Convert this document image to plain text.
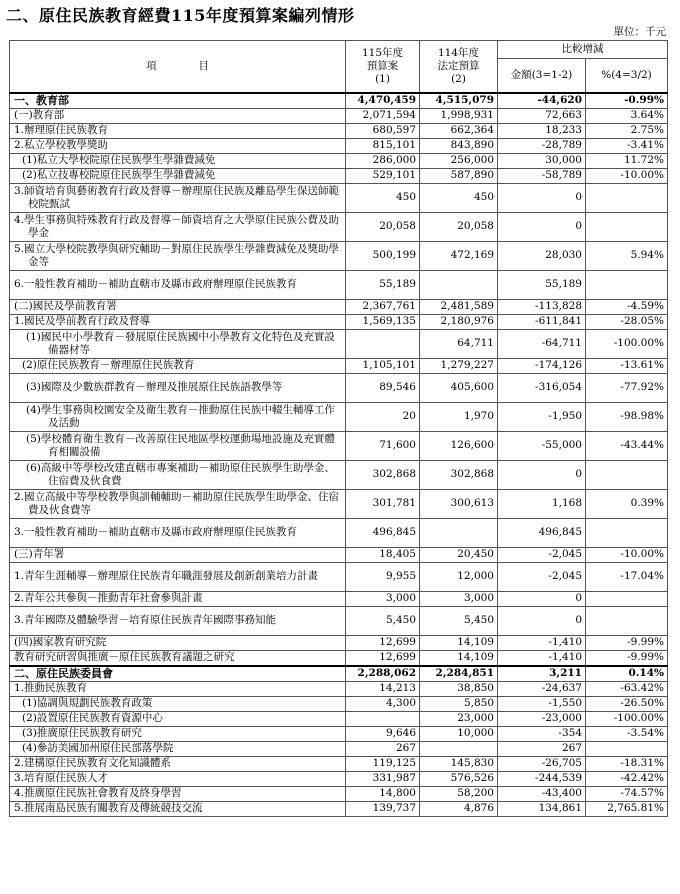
二、原住民族教育經費115年度預算案編列情形
單位：千元
項　　　　目	115年度
預算案
(1)	114年度
法定預算
(2)	比較增減	
			金額(3=1-2)	%(4=3/2)
一、教育部	4,470,459	4,515,079	-44,620	-0.99%
(一)教育部	2,071,594	1,998,931	72,663	3.64%
1.辦理原住民族教育	680,597	662,364	18,233	2.75%
2.私立學校教學獎助	815,101	843,890	-28,789	-3.41%
(1)私立大學校院原住民族學生學雜費減免	286,000	256,000	30,000	11.72%
(2)私立技專校院原住民族學生學雜費減免	529,101	587,890	-58,789	-10.00%

3.師資培育與藝術教育行政及督導－辦理原住民族及離島學生保送師範校院甄試	450	450	0	

4.學生事務與特殊教育行政及督導－師資培育之大學原住民族公費及助學金	20,058	20,058	0	

5.國立大學校院教學與研究輔助－對原住民族學生學雜費減免及獎助學金等	500,199	472,169	28,030	5.94%

6.一般性教育補助－補助直轄市及縣市政府辦理原住民族教育	55,189		55,189	
(二)國民及學前教育署	2,367,761	2,481,589	-113,828	-4.59%
1.國民及學前教育行政及督導	1,569,135	2,180,976	-611,841	-28.05%

(1)國民中小學教育－發展原住民族國中小學教育文化特色及充實設備器材等		64,711	-64,711	-100.00%
(2)原住民族教育－辦理原住民族教育	1,105,101	1,279,227	-174,126	-13.61%

(3)國際及少數族群教育－辦理及推展原住民族語教學等	89,546	405,600	-316,054	-77.92%

(4)學生事務與校園安全及衛生教育－推動原住民族中輟生輔導工作及活動	20	1,970	-1,950	-98.98%

(5)學校體育衛生教育－改善原住民地區學校運動場地設施及充實體育相關設備	71,600	126,600	-55,000	-43.44%

(6)高級中等學校改建直轄市專案補助－補助原住民族學生助學金、住宿費及伙食費	302,868	302,868	0	

2.國立高級中等學校教學與訓輔輔助－補助原住民族學生助學金、住宿費及伙食費等	301,781	300,613	1,168	0.39%

3.一般性教育補助－補助直轄市及縣市政府辦理原住民族教育	496,845		496,845	
(三)青年署	18,405	20,450	-2,045	-10.00%

1.青年生涯輔導－辦理原住民族青年職涯發展及創新創業培力計畫	9,955	12,000	-2,045	-17.04%
2.青年公共參與－推動青年社會參與計畫	3,000	3,000	0	

3.青年國際及體驗學習－培育原住民族青年國際事務知能	5,450	5,450	0	
(四)國家教育研究院	12,699	14,109	-1,410	-9.99%
教育研究研習與推廣－原住民族教育議題之研究	12,699	14,109	-1,410	-9.99%
二、原住民族委員會	2,288,062	2,284,851	3,211	0.14%
1.推動民族教育	14,213	38,850	-24,637	-63.42%
(1)協調與規劃民族教育政策	4,300	5,850	-1,550	-26.50%
(2)設置原住民族教育資源中心		23,000	-23,000	-100.00%
(3)推廣原住民族教育研究	9,646	10,000	-354	-3.54%
(4)參訪美國加州原住民部落學院	267		267	
2.建構原住民族教育文化知識體系	119,125	145,830	-26,705	-18.31%
3.培育原住民族人才	331,987	576,526	-244,539	-42.42%
4.推廣原住民族社會教育及終身學習	14,800	58,200	-43,400	-74.57%
5.推展南島民族有關教育及傳統競技交流	139,737	4,876	134,861	2,765.81%
